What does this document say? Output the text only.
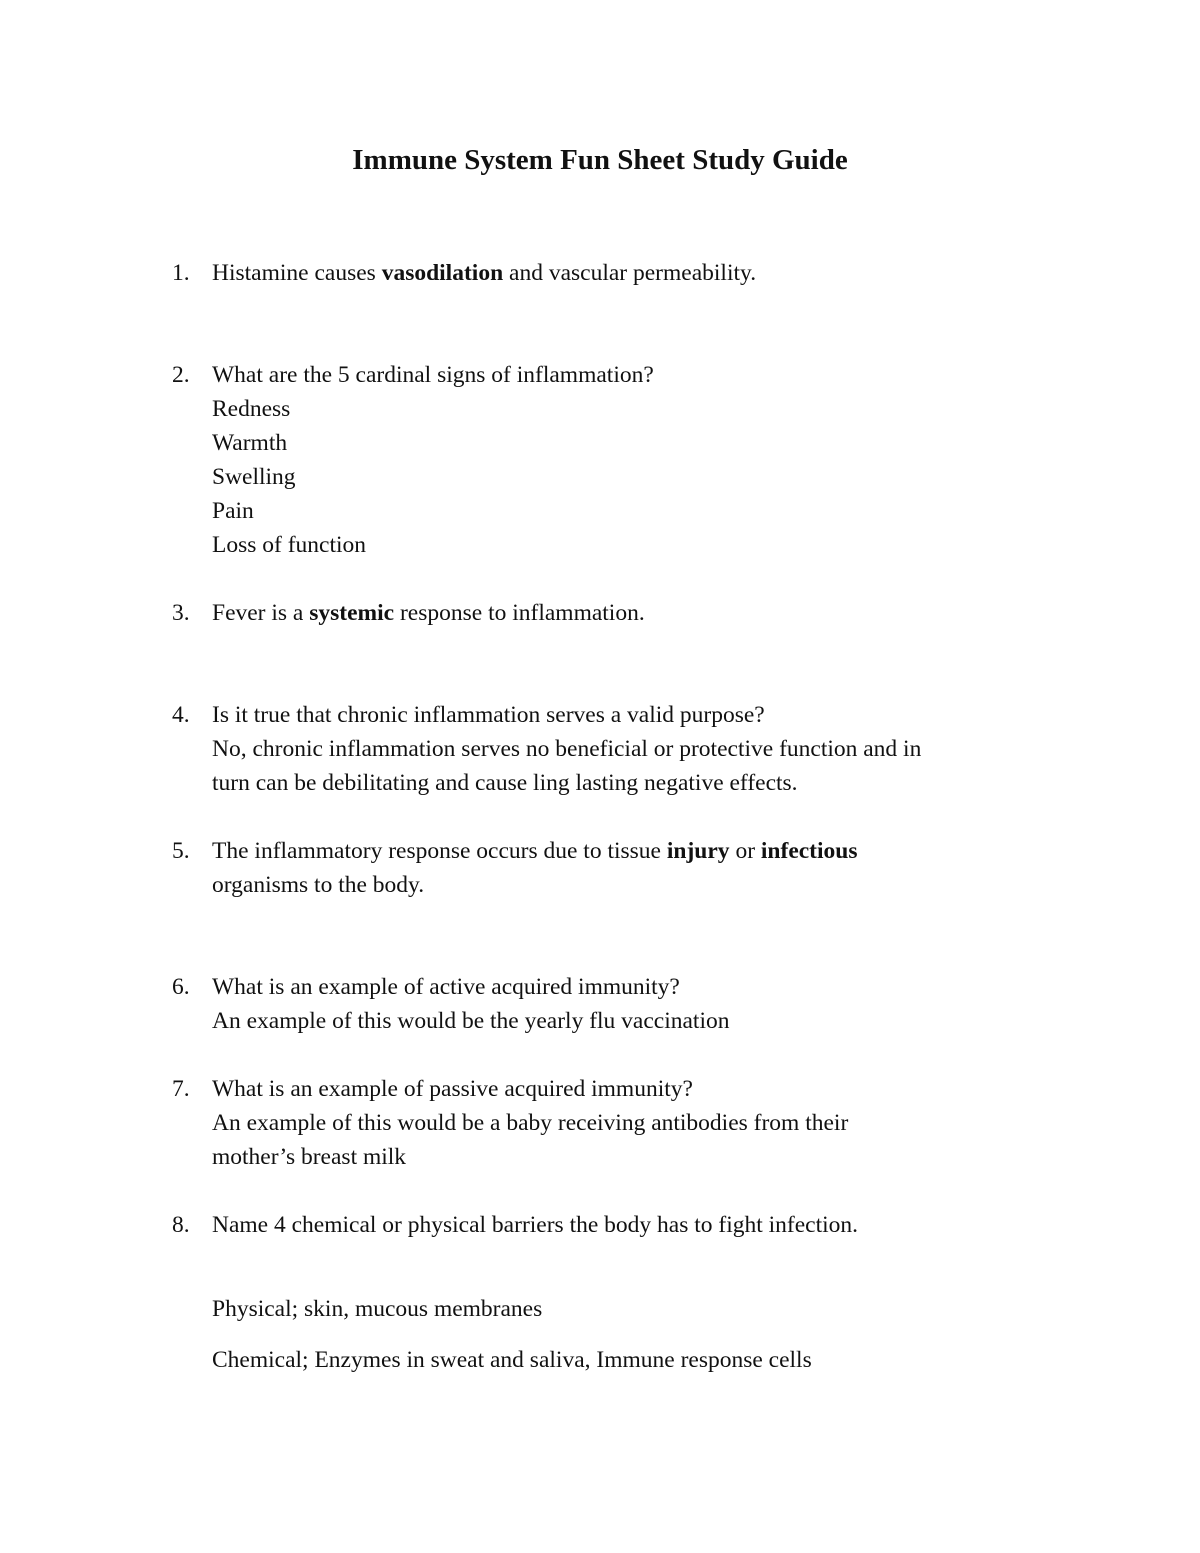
Immune System Fun Sheet Study Guide
1. Histamine causes vasodilation and vascular permeability.
2. What are the 5 cardinal signs of inflammation?
Redness
Warmth
Swelling
Pain
Loss of function
3. Fever is a systemic response to inflammation.
4. Is it true that chronic inflammation serves a valid purpose?
No, chronic inflammation serves no beneficial or protective function and in
turn can be debilitating and cause ling lasting negative effects.
5. The inflammatory response occurs due to tissue injury or infectious
organisms to the body.
6. What is an example of active acquired immunity?
An example of this would be the yearly flu vaccination
7. What is an example of passive acquired immunity?
An example of this would be a baby receiving antibodies from their
mother’s breast milk
8. Name 4 chemical or physical barriers the body has to fight infection.
Physical; skin, mucous membranes
Chemical; Enzymes in sweat and saliva, Immune response cells
